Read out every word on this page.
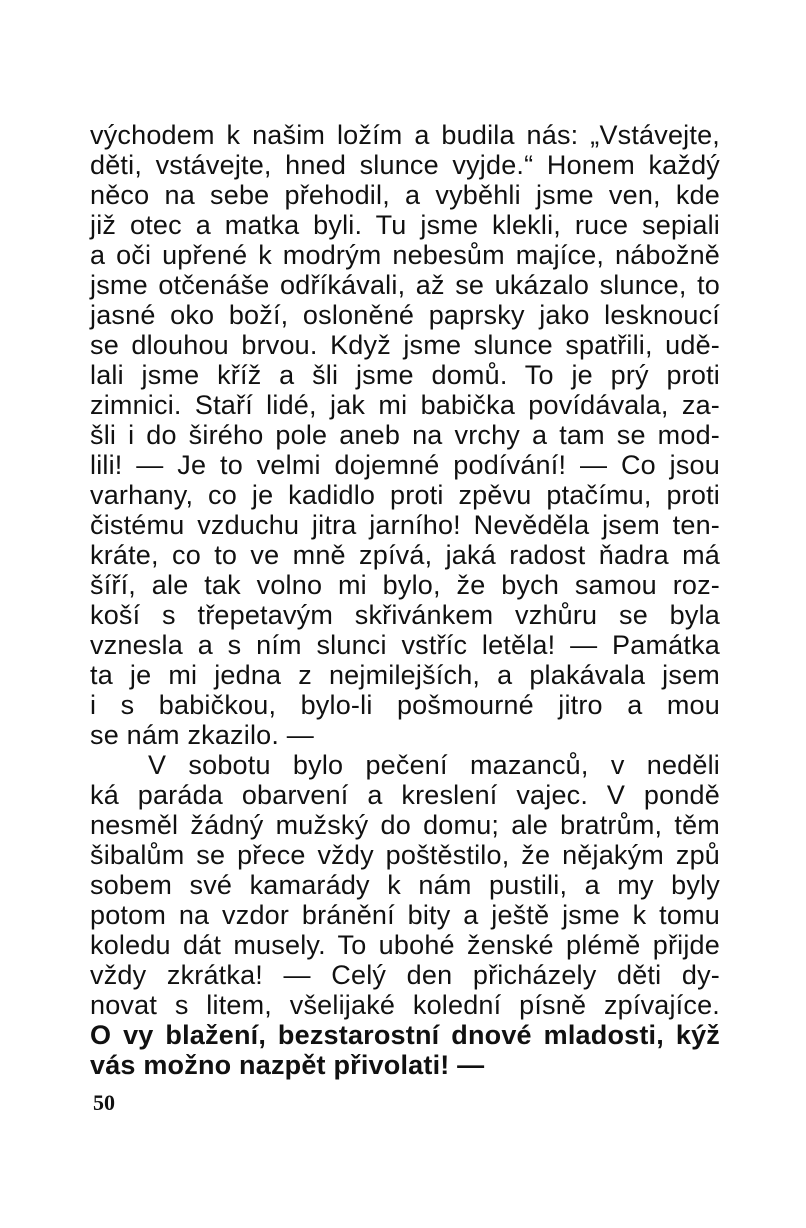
východem k našim ložím a budila nás: „Vstávejte,
děti, vstávejte, hned slunce vyjde.“ Honem každý
něco na sebe přehodil, a vyběhli jsme ven, kde
již otec a matka byli. Tu jsme klekli, ruce sepiali
a oči upřené k modrým nebesům majíce, nábožně
jsme otčenáše odříkávali, až se ukázalo slunce, to
jasné oko boží, osloněné paprsky jako lesknoucí
se dlouhou brvou. Když jsme slunce spatřili, udě-
lali jsme kříž a šli jsme domů. To je prý proti
zimnici. Staří lidé, jak mi babička povídávala, za-
šli i do širého pole aneb na vrchy a tam se mod-
lili! — Je to velmi dojemné podívání! — Co jsou
varhany, co je kadidlo proti zpěvu ptačímu, proti
čistému vzduchu jitra jarního! Nevěděla jsem ten-
kráte, co to ve mně zpívá, jaká radost ňadra má
šíří, ale tak volno mi bylo, že bych samou roz-
koší s třepetavým skřivánkem vzhůru se byla
vznesla a s ním slunci vstříc letěla! — Památka
ta je mi jedna z nejmilejších, a plakávala jsem
i s babičkou, bylo-li pošmourné jitro a mou
se nám zkazilo. —
V sobotu bylo pečení mazanců, v neděli
ká paráda obarvení a kreslení vajec. V pondě
nesměl žádný mužský do domu; ale bratrům, těm
šibalům se přece vždy poštěstilo, že nějakým způ
sobem své kamarády k nám pustili, a my byly
potom na vzdor bránění bity a ještě jsme k tomu
koledu dát musely. To ubohé ženské plémě přijde
vždy zkrátka! — Celý den přicházely děti dy-
novat s litem, všelijaké kolední písně zpívajíce.
O vy blažení, bezstarostní dnové mladosti, kýž
vás možno nazpět přivolati! —
50
